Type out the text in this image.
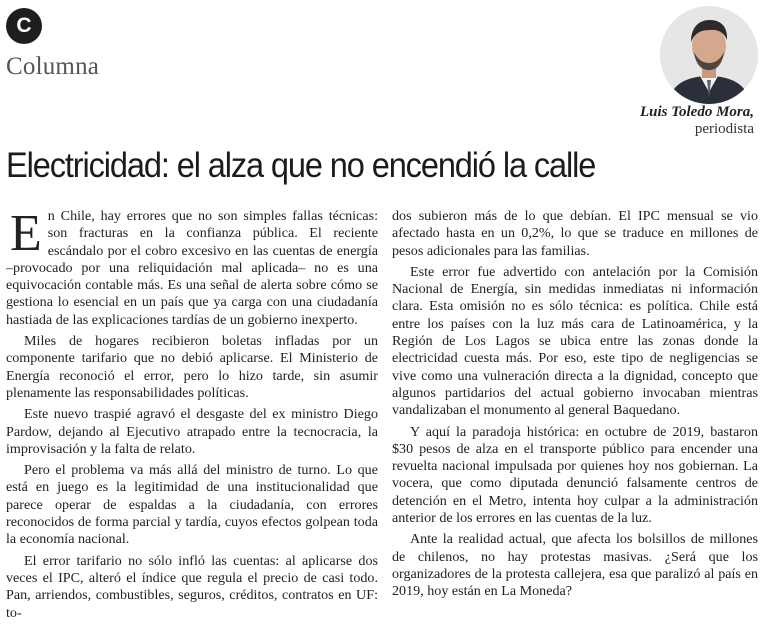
C
Columna
Luis Toledo Mora,
periodista
Electricidad: el alza que no encendió la calle

En Chile, hay errores que no son simples fallas técnicas: son fracturas en la confianza pública. El reciente escándalo por el cobro excesivo en las cuentas de energía –provocado por una reliquidación mal aplicada– no es una equivocación contable más. Es una señal de alerta sobre cómo se gestiona lo esencial en un país que ya carga con una ciudadanía hastiada de las explicaciones tardías de un gobierno inexperto.

Miles de hogares recibieron boletas infladas por un componente tarifario que no debió aplicarse. El Ministerio de Energía reconoció el error, pero lo hizo tarde, sin asumir plenamente las responsabilidades políticas.

Este nuevo traspié agravó el desgaste del ex ministro Diego Pardow, dejando al Ejecutivo atrapado entre la tecnocracia, la improvisación y la falta de relato.

Pero el problema va más allá del ministro de turno. Lo que está en juego es la legitimidad de una institucionalidad que parece operar de espaldas a la ciudadanía, con errores reconocidos de forma parcial y tardía, cuyos efectos golpean toda la economía nacional.

El error tarifario no sólo infló las cuentas: al aplicarse dos veces el IPC, alteró el índice que regula el precio de casi todo. Pan, arriendos, combustibles, seguros, créditos, contratos en UF: to-

dos subieron más de lo que debían. El IPC mensual se vio afectado hasta en un 0,2%, lo que se traduce en millones de pesos adicionales para las familias.

Este error fue advertido con antelación por la Comisión Nacional de Energía, sin medidas inmediatas ni información clara. Esta omisión no es sólo técnica: es política. Chile está entre los países con la luz más cara de Latinoamérica, y la Región de Los Lagos se ubica entre las zonas donde la electricidad cuesta más. Por eso, este tipo de negligencias se vive como una vulneración directa a la dignidad, concepto que algunos partidarios del actual gobierno invocaban mientras vandalizaban el monumento al general Baquedano.

Y aquí la paradoja histórica: en octubre de 2019, bastaron $30 pesos de alza en el transporte público para encender una revuelta nacional impulsada por quienes hoy nos gobiernan. La vocera, que como diputada denunció falsamente centros de detención en el Metro, intenta hoy culpar a la administración anterior de los errores en las cuentas de la luz.

Ante la realidad actual, que afecta los bolsillos de millones de chilenos, no hay protestas masivas. ¿Será que los organizadores de la protesta callejera, esa que paralizó al país en 2019, hoy están en La Moneda?
